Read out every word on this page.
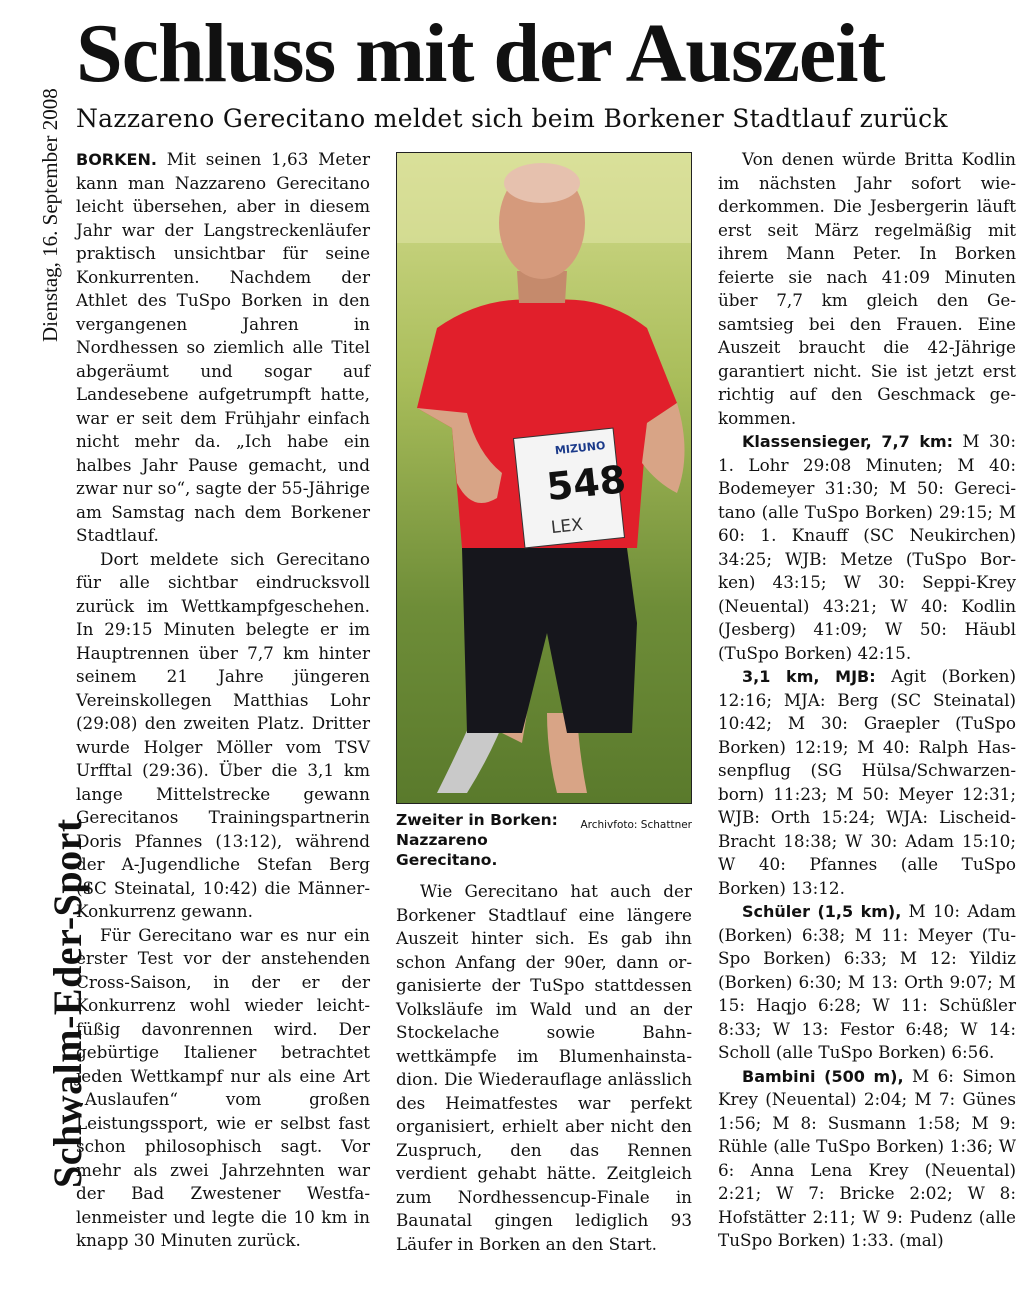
Dienstag, 16. September 2008
Schwalm-Eder-Sport
Schluss mit der Auszeit
Nazzareno Gerecitano meldet sich beim Borkener Stadtlauf zurück

BORKEN. Mit seinen 1,63 Meter kann man Nazzareno Gerecitano leicht übersehen, aber in diesem Jahr war der Langstreckenläufer praktisch unsichtbar für seine Konkurrenten. Nachdem der Athlet des TuSpo Borken in den vergangenen Jahren in Nordhessen so ziemlich alle Titel abgeräumt und sogar auf Landesebene aufgetrumpft hatte, war er seit dem Frühjahr einfach nicht mehr da. „Ich habe ein halbes Jahr Pause gemacht, und zwar nur so“, sagte der 55-Jährige am Samstag nach dem Borkener Stadtlauf.

Dort meldete sich Gerecitano für alle sichtbar eindrucksvoll zurück im Wettkampfgeschehen. In 29:15 Minuten belegte er im Hauptrennen über 7,7 km hinter seinem 21 Jahre jüngeren Vereinskollegen Matthias Lohr (29:08) den zweiten Platz. Dritter wurde Holger Möller vom TSV Urfftal (29:36). Über die 3,1 km lange Mittelstrecke gewann Gerecitanos Trainingspartnerin Doris Pfannes (13:12), während der A-Jugendliche Stefan Berg (SC Steinatal, 10:42) die Männer-Konkurrenz gewann.

Für Gerecitano war es nur ein erster Test vor der anstehenden Cross-Saison, in der er der Konkurrenz wohl wieder leichtfüßig davonrennen wird. Der gebürtige Italiener betrachtet jeden Wettkampf nur als eine Art „Auslaufen“ vom großen Leistungssport, wie er selbst fast schon philosophisch sagt. Vor mehr als zwei Jahrzehnten war der Bad Zwestener Westfalenmeister und legte die 10 km in knapp 30 Minuten zurück.

548
MIZUNO
LEX
Archivfoto: Schattner
Zweiter in Borken: Nazzareno Gerecitano.

Wie Gerecitano hat auch der Borkener Stadtlauf eine längere Auszeit hinter sich. Es gab ihn schon Anfang der 90er, dann organisierte der TuSpo stattdessen Volksläufe im Wald und an der Stockelache sowie Bahnwettkämpfe im Blumenhainstadion. Die Wiederauflage anlässlich des Heimatfestes war perfekt organisiert, erhielt aber nicht den Zuspruch, den das Rennen verdient gehabt hätte. Zeitgleich zum Nordhessencup-Finale in Baunatal gingen lediglich 93 Läufer in Borken an den Start.

Von denen würde Britta Kodlin im nächsten Jahr sofort wiederkommen. Die Jesbergerin läuft erst seit März regelmäßig mit ihrem Mann Peter. In Borken feierte sie nach 41:09 Minuten über 7,7 km gleich den Gesamtsieg bei den Frauen. Eine Auszeit braucht die 42-Jährige garantiert nicht. Sie ist jetzt erst richtig auf den Geschmack gekommen.

Klassensieger, 7,7 km: M 30: 1. Lohr 29:08 Minuten; M 40: Bodemeyer 31:30; M 50: Gerecitano (alle TuSpo Borken) 29:15; M 60: 1. Knauff (SC Neukirchen) 34:25; WJB: Metze (TuSpo Borken) 43:15; W 30: Seppi-Krey (Neuental) 43:21; W 40: Kodlin (Jesberg) 41:09; W 50: Häubl (TuSpo Borken) 42:15.

3,1 km, MJB: Agit (Borken) 12:16; MJA: Berg (SC Steinatal) 10:42; M 30: Graepler (TuSpo Borken) 12:19; M 40: Ralph Hassenpflug (SG Hülsa/Schwarzenborn) 11:23; M 50: Meyer 12:31; WJB: Orth 15:24; WJA: Lischeid-Bracht 18:38; W 30: Adam 15:10; W 40: Pfannes (alle TuSpo Borken) 13:12.

Schüler (1,5 km), M 10: Adam (Borken) 6:38; M 11: Meyer (TuSpo Borken) 6:33; M 12: Yildiz (Borken) 6:30; M 13: Orth 9:07; M 15: Haqjo 6:28; W 11: Schüßler 8:33; W 13: Festor 6:48; W 14: Scholl (alle TuSpo Borken) 6:56.

Bambini (500 m), M 6: Simon Krey (Neuental) 2:04; M 7: Günes 1:56; M 8: Susmann 1:58; M 9: Rühle (alle TuSpo Borken) 1:36; W 6: Anna Lena Krey (Neuental) 2:21; W 7: Bricke 2:02; W 8: Hofstätter 2:11; W 9: Pudenz (alle TuSpo Borken) 1:33. (mal)
